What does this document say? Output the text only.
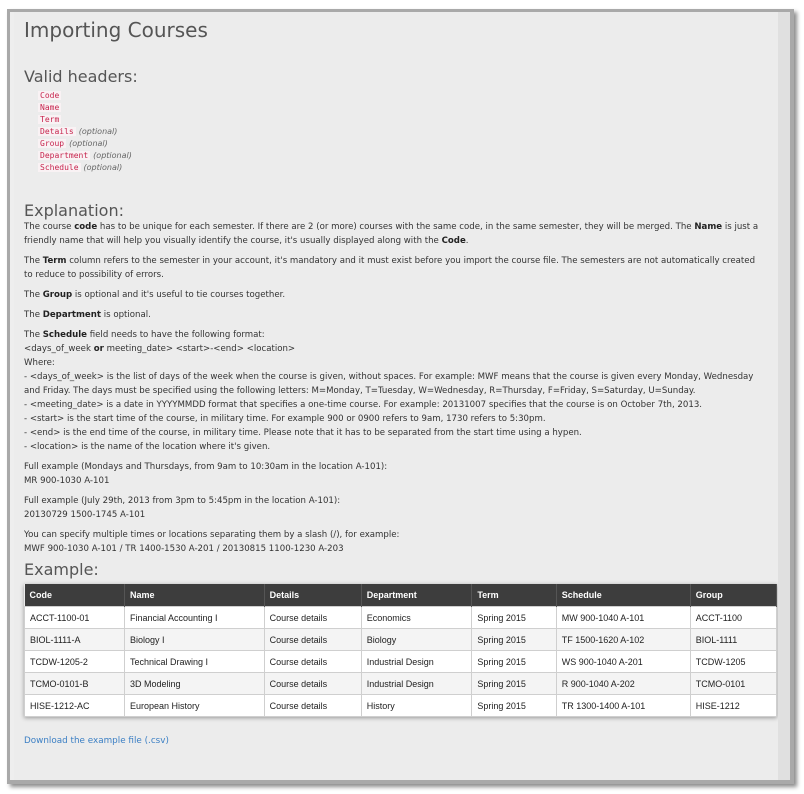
Importing Courses
Valid headers:
Code
Name
Term
Details (optional)
Group (optional)
Department (optional)
Schedule (optional)
Explanation:

The course code has to be unique for each semester. If there are 2 (or more) courses with the same code, in the same semester, they will be merged. The Name is just a friendly name that will help you visually identify the course, it's usually displayed along with the Code.

The Term column refers to the semester in your account, it's mandatory and it must exist before you import the course file. The semesters are not automatically created to reduce to possibility of errors.

The Group is optional and it's useful to tie courses together.

The Department is optional.

The Schedule field needs to have the following format:
<days_of_week or meeting_date> <start>-<end> <location>
Where:
- <days_of_week> is the list of days of the week when the course is given, without spaces. For example: MWF means that the course is given every Monday, Wednesday and Friday. The days must be specified using the following letters: M=Monday, T=Tuesday, W=Wednesday, R=Thursday, F=Friday, S=Saturday, U=Sunday.
- <meeting_date> is a date in YYYYMMDD format that specifies a one-time course. For example: 20131007 specifies that the course is on October 7th, 2013.
- <start> is the start time of the course, in military time. For example 900 or 0900 refers to 9am, 1730 refers to 5:30pm.
- <end> is the end time of the course, in military time. Please note that it has to be separated from the start time using a hypen.
- <location> is the name of the location where it's given.
Full example (Mondays and Thursdays, from 9am to 10:30am in the location A-101):
MR 900-1030 A-101
Full example (July 29th, 2013 from 3pm to 5:45pm in the location A-101):
20130729 1500-1745 A-101
You can specify multiple times or locations separating them by a slash (/), for example:
MWF 900-1030 A-101 / TR 1400-1530 A-201 / 20130815 1100-1230 A-203
Example:
Code	Name	Details	Department	Term	Schedule	Group
ACCT-1100-01	Financial Accounting I	Course details	Economics	Spring 2015	MW 900-1040 A-101	ACCT-1100
BIOL-1111-A	Biology I	Course details	Biology	Spring 2015	TF 1500-1620 A-102	BIOL-1111
TCDW-1205-2	Technical Drawing I	Course details	Industrial Design	Spring 2015	WS 900-1040 A-201	TCDW-1205
TCMO-0101-B	3D Modeling	Course details	Industrial Design	Spring 2015	R 900-1040 A-202	TCMO-0101
HISE-1212-AC	European History	Course details	History	Spring 2015	TR 1300-1400 A-101	HISE-1212
Download the example file (.csv)
